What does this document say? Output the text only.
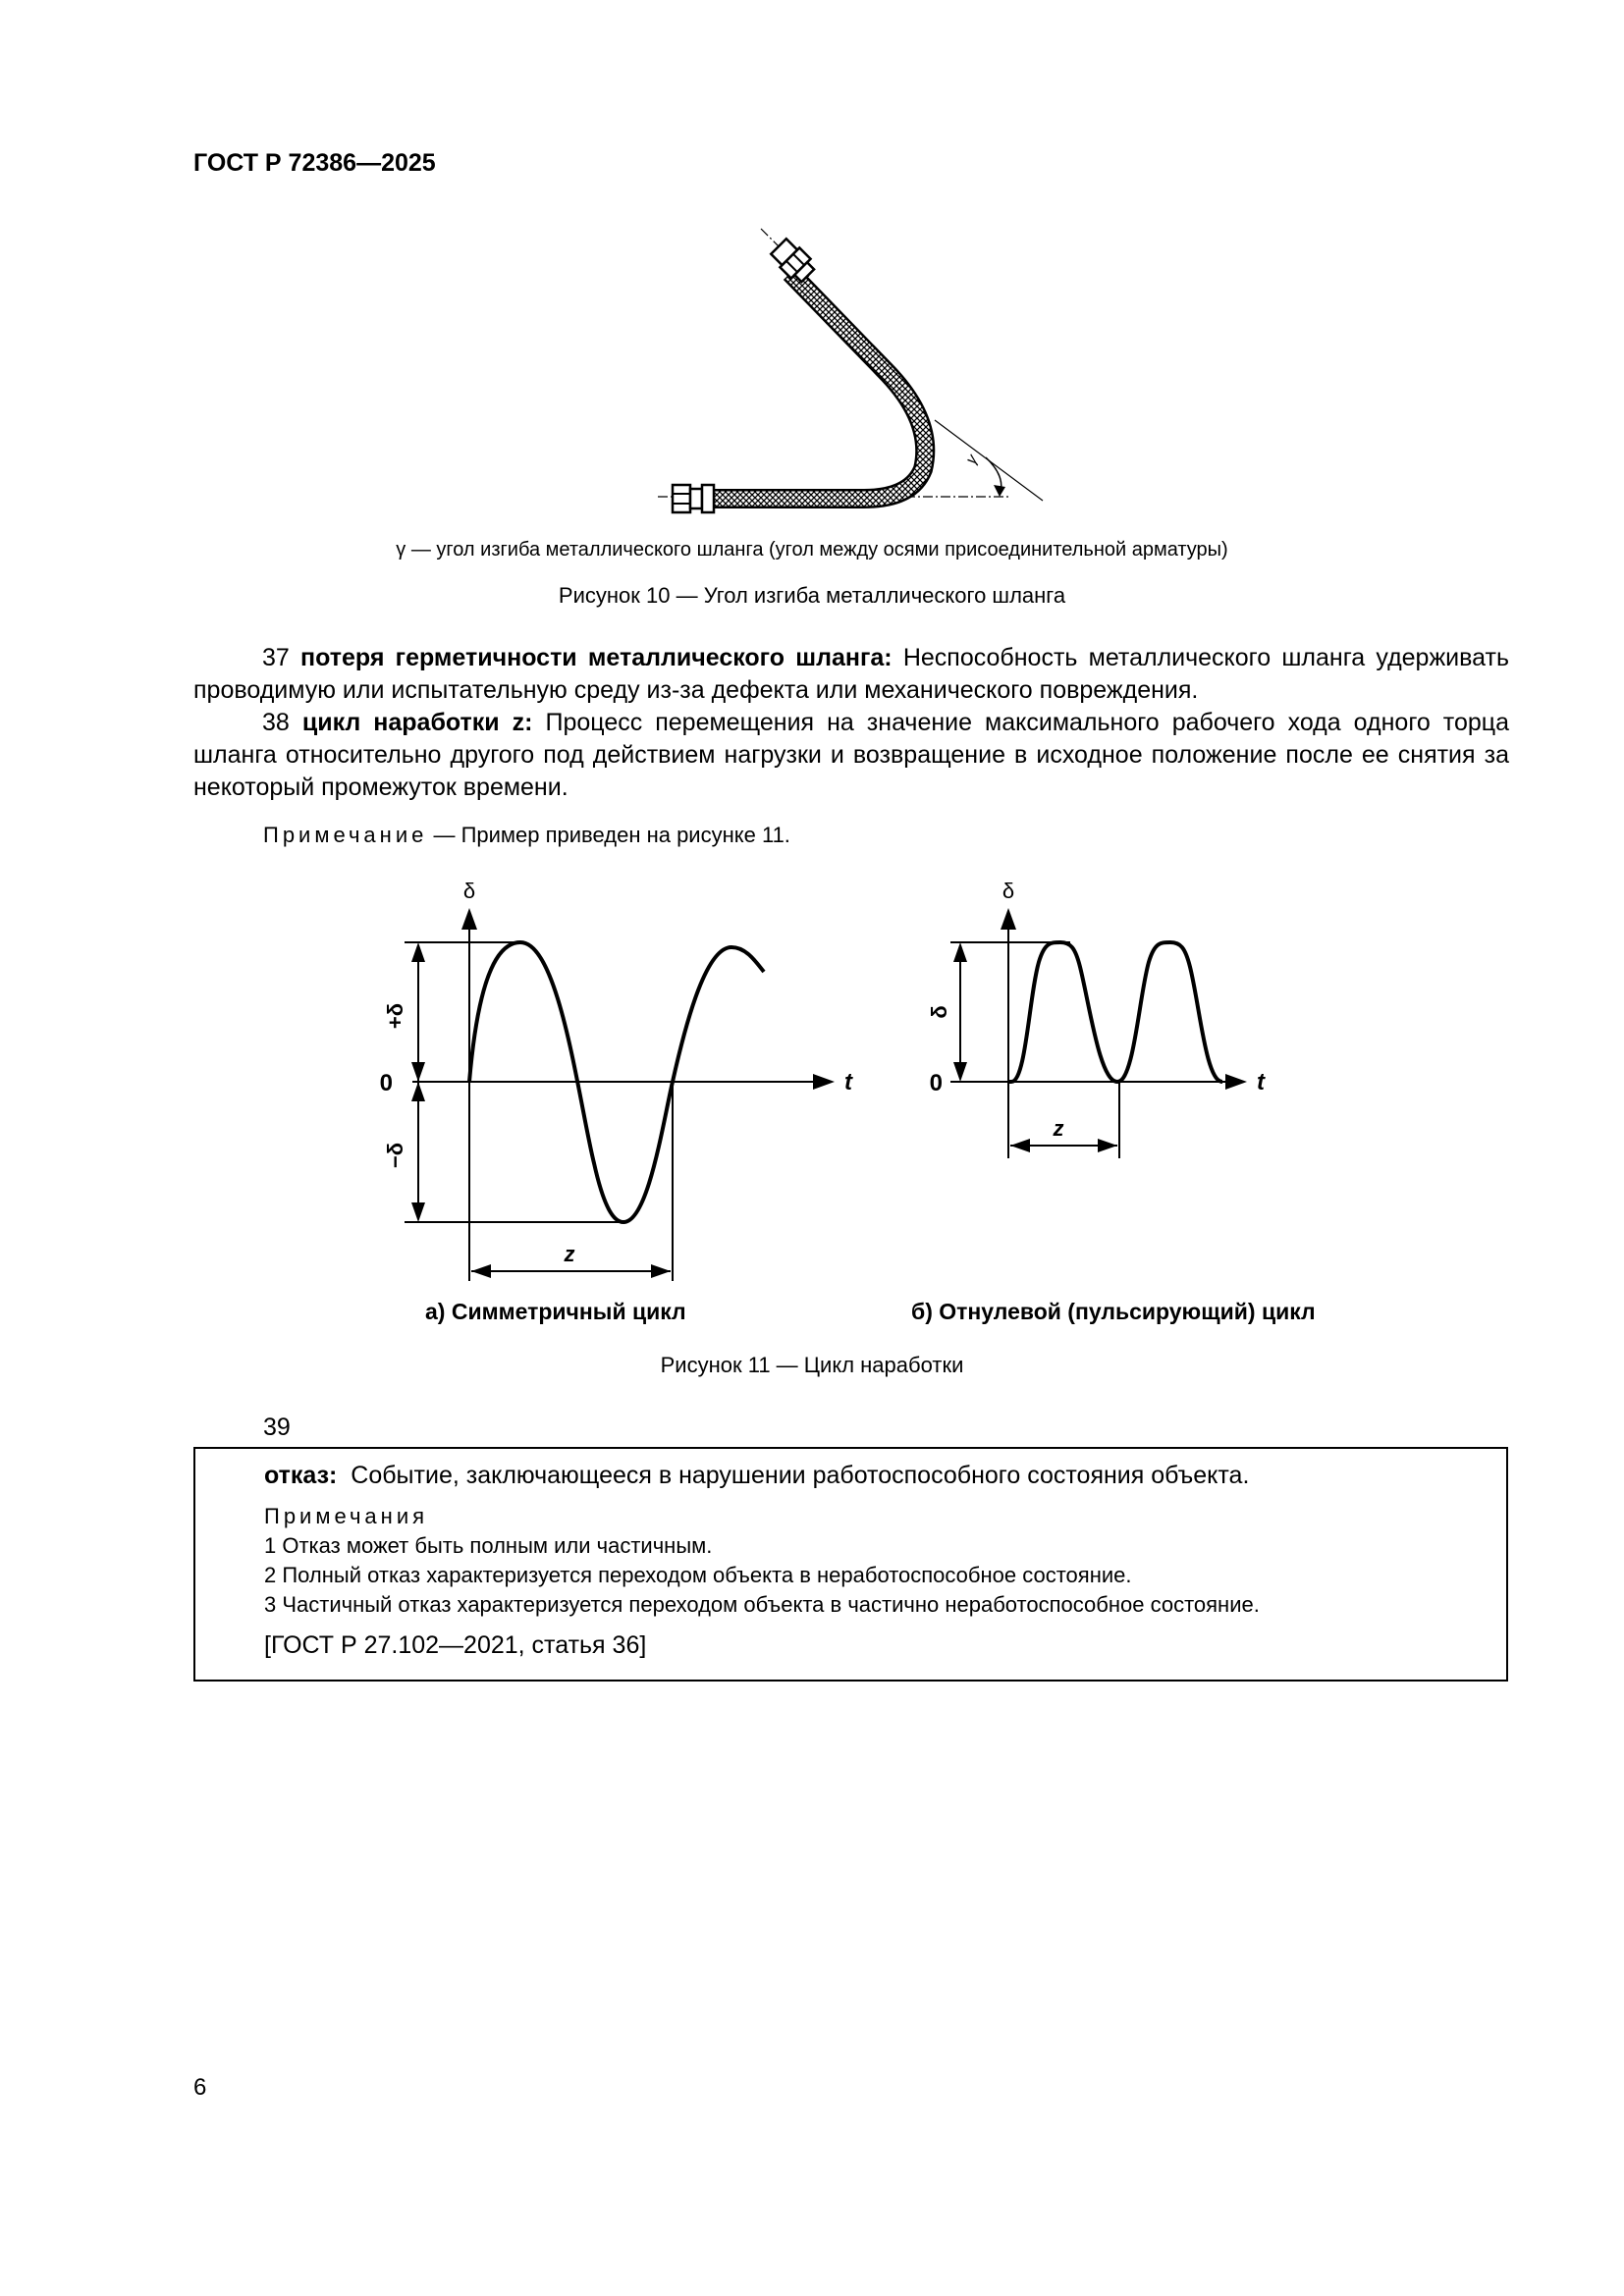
ГОСТ Р 72386—2025
γ
γ — угол изгиба металлического шланга (угол между осями присоединительной арматуры)
Рисунок 10 — Угол изгиба металлического шланга

37 потеря герметичности металлического шланга: Неспособность металлического шланга удерживать проводимую или испытательную среду из-за дефекта или механического повреждения.

38 цикл наработки z: Процесс перемещения на значение максимального рабочего хода одного торца шланга относительно другого под действием нагрузки и возвращение в исходное положение после ее снятия за некоторый промежуток времени.

Примечание — Пример приведен на рисунке 11.
δ
t
0
+δ
−δ
z
δ
t
0
δ
z
а) Симметричный цикл	б) Отнулевой (пульсирующий) цикл
Рисунок 11 — Цикл наработки
39
отказ: Событие, заключающееся в нарушении работоспособного состояния объекта.
Примечания
1 Отказ может быть полным или частичным.
2 Полный отказ характеризуется переходом объекта в неработоспособное состояние.
3 Частичный отказ характеризуется переходом объекта в частично неработоспособное состояние.
[ГОСТ Р 27.102—2021, статья 36]
6
